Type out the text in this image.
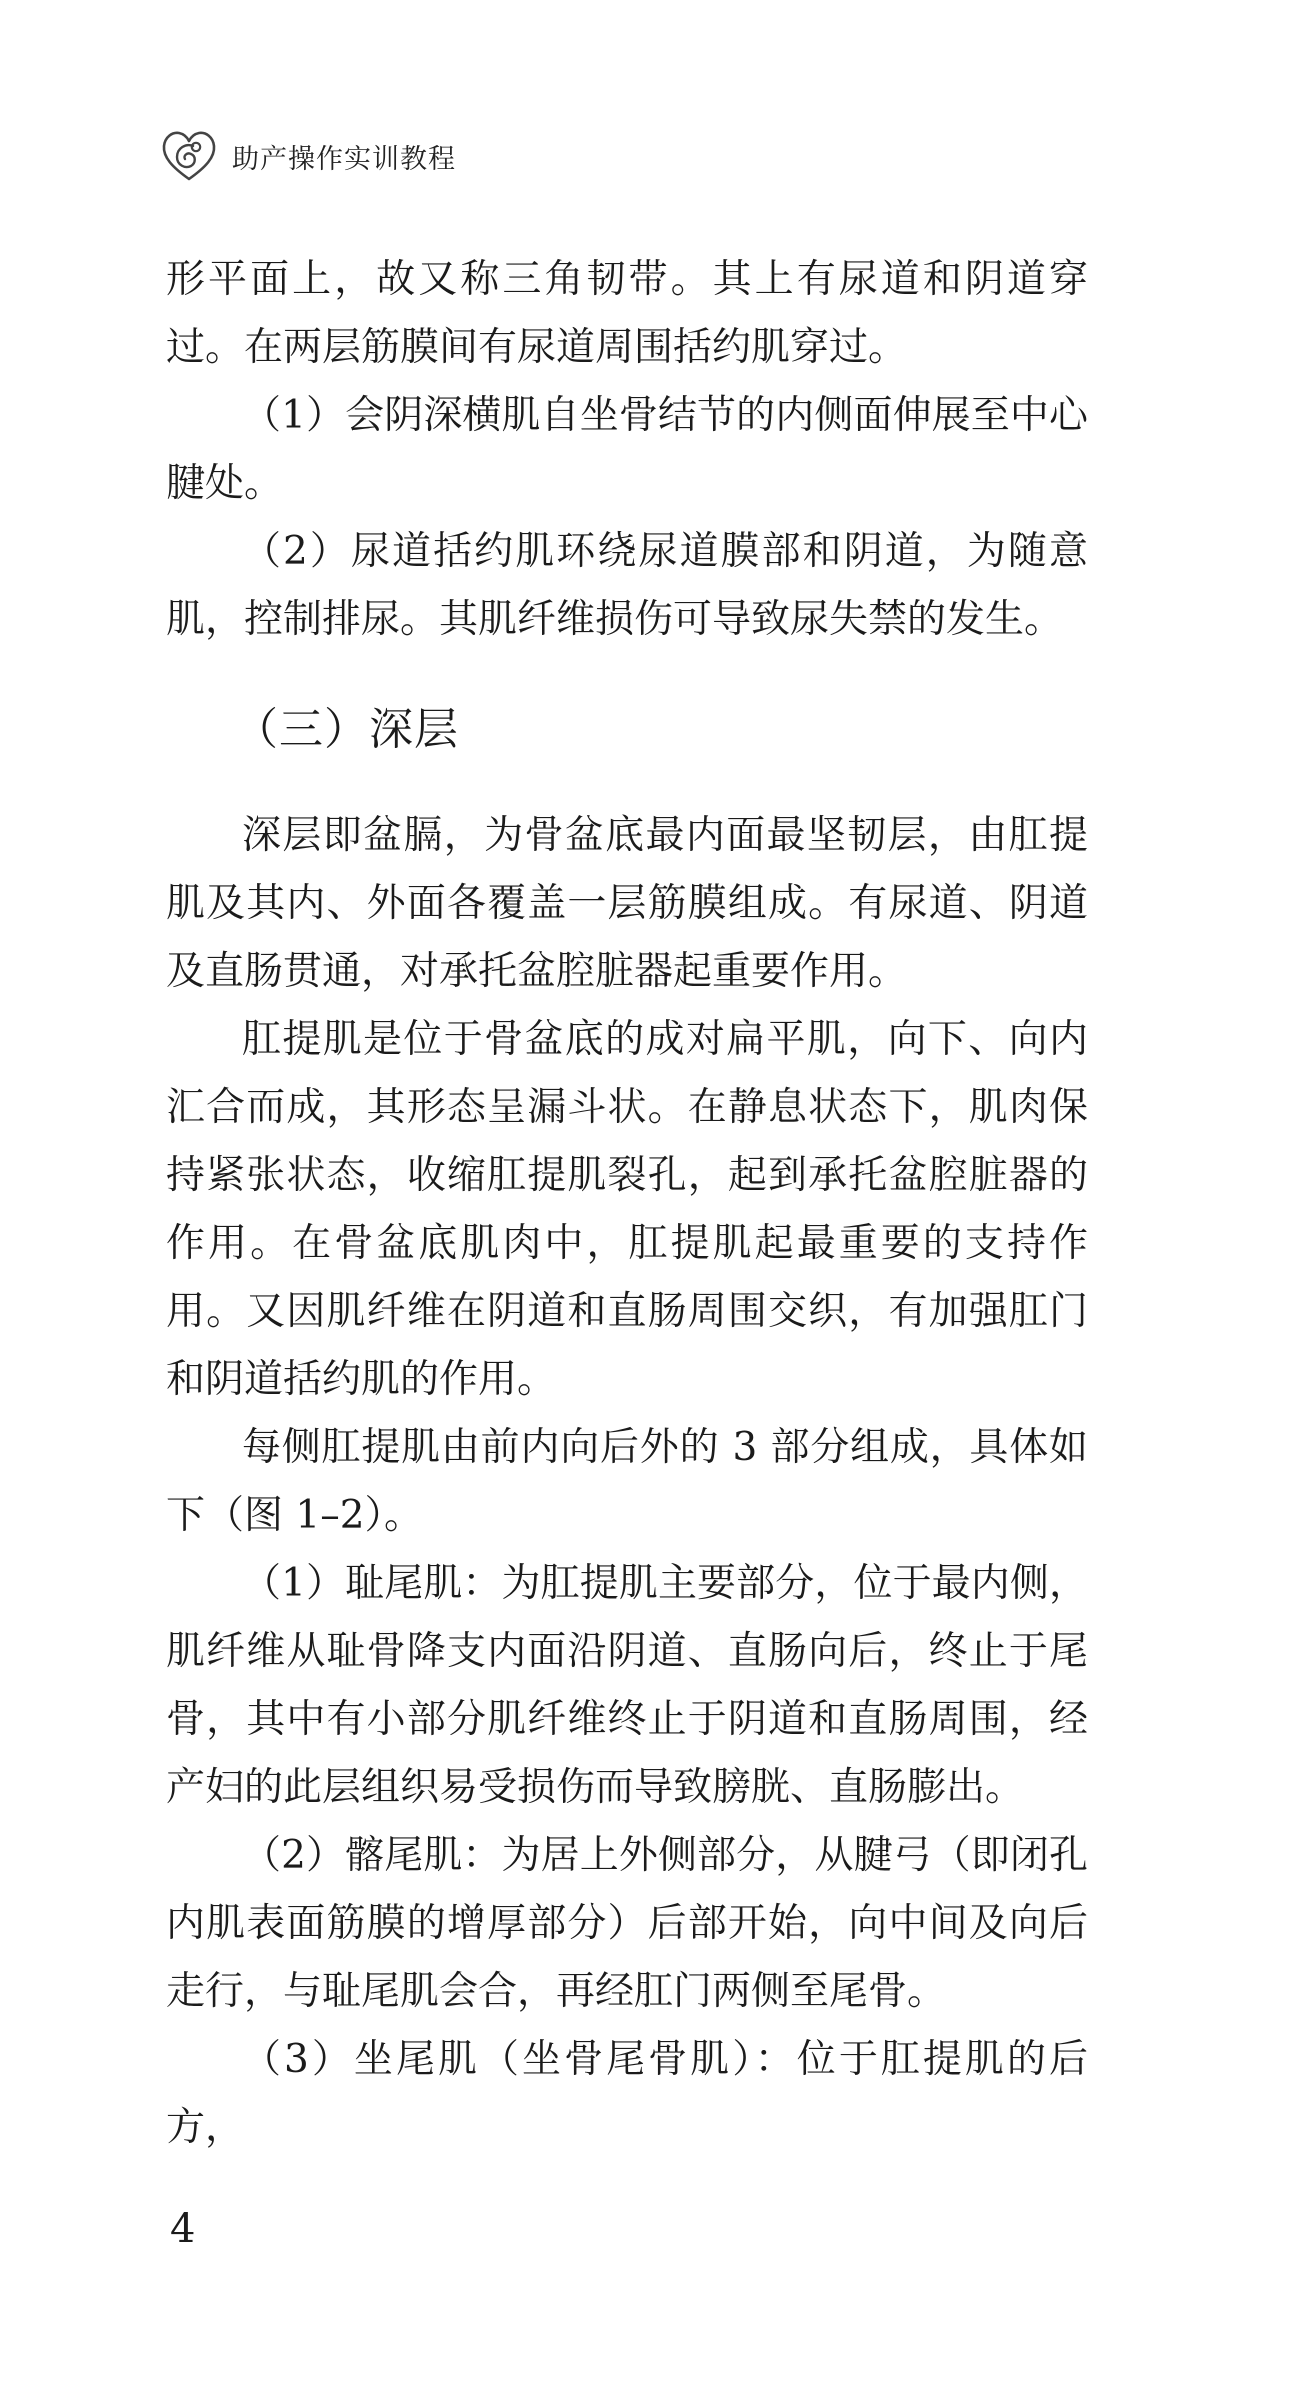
助产操作实训教程

形平面上，故又称三角韧带。其上有尿道和阴道穿过。在两层筋膜间有尿道周围括约肌穿过。

（1）会阴深横肌自坐骨结节的内侧面伸展至中心腱处。

（2）尿道括约肌环绕尿道膜部和阴道，为随意肌，控制排尿。其肌纤维损伤可导致尿失禁的发生。

（三）深层

深层即盆膈，为骨盆底最内面最坚韧层，由肛提肌及其内、外面各覆盖一层筋膜组成。有尿道、阴道及直肠贯通，对承托盆腔脏器起重要作用。

肛提肌是位于骨盆底的成对扁平肌，向下、向内汇合而成，其形态呈漏斗状。在静息状态下，肌肉保持紧张状态，收缩肛提肌裂孔，起到承托盆腔脏器的作用。在骨盆底肌肉中，肛提肌起最重要的支持作用。又因肌纤维在阴道和直肠周围交织，有加强肛门和阴道括约肌的作用。

每侧肛提肌由前内向后外的 3 部分组成，具体如下（图 1–2）。

（1）耻尾肌：为肛提肌主要部分，位于最内侧，肌纤维从耻骨降支内面沿阴道、直肠向后，终止于尾骨，其中有小部分肌纤维终止于阴道和直肠周围，经产妇的此层组织易受损伤而导致膀胱、直肠膨出。

（2）髂尾肌：为居上外侧部分，从腱弓（即闭孔内肌表面筋膜的增厚部分）后部开始，向中间及向后走行，与耻尾肌会合，再经肛门两侧至尾骨。

（3）坐尾肌（坐骨尾骨肌）：位于肛提肌的后方，

4
